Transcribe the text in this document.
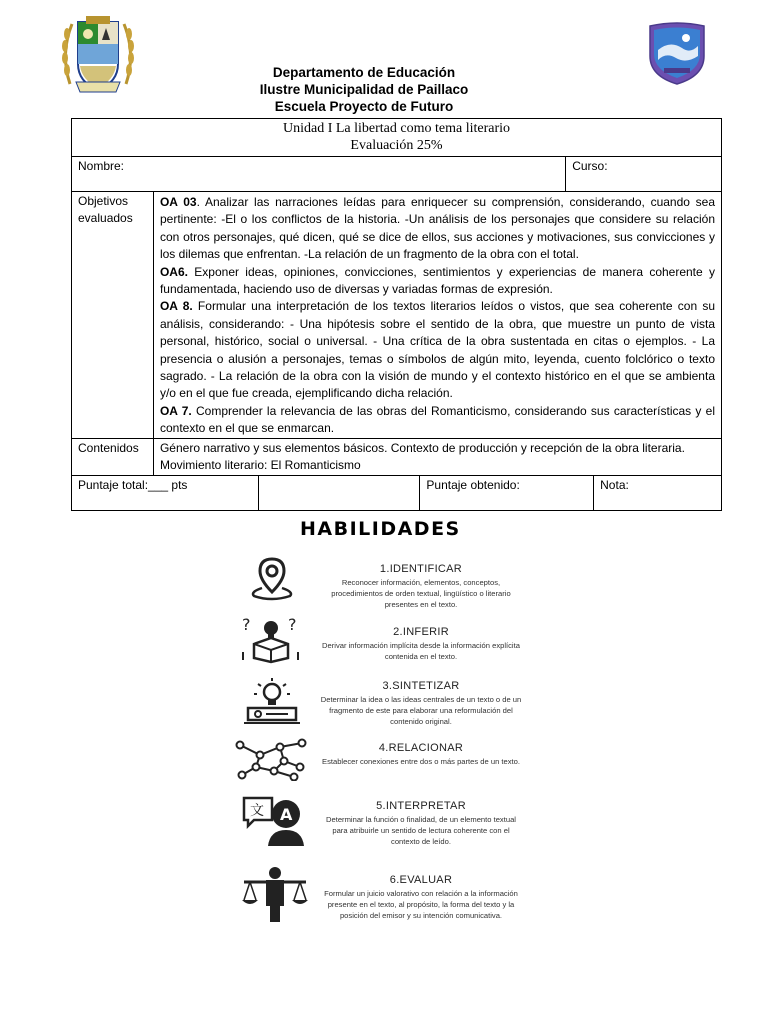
Departamento de Educación
Ilustre Municipalidad de Paillaco
Escuela Proyecto de Futuro
Unidad I La libertad como tema literario
Evaluación 25%					

Nombre:				Curso:	
Objetivos evaluados	OA 03. Analizar las narraciones leídas para enriquecer su comprensión, considerando, cuando sea pertinente: -El o los conflictos de la historia. -Un análisis de los personajes que considere su relación con otros personajes, qué dicen, qué se dice de ellos, sus acciones y motivaciones, sus convicciones y los dilemas que enfrentan. -La relación de un fragmento de la obra con el total.

OA6. Exponer ideas, opiniones, convicciones, sentimientos y experiencias de manera coherente y fundamentada, haciendo uso de diversas y variadas formas de expresión.

OA 8. Formular una interpretación de los textos literarios leídos o vistos, que sea coherente con su análisis, considerando: - Una hipótesis sobre el sentido de la obra, que muestre un punto de vista personal, histórico, social o universal. - Una crítica de la obra sustentada en citas o ejemplos. - La presencia o alusión a personajes, temas o símbolos de algún mito, leyenda, cuento folclórico o texto sagrado. - La relación de la obra con la visión de mundo y el contexto histórico en el que se ambienta y/o en el que fue creada, ejemplificando dicha relación.

OA 7. Comprender la relevancia de las obras del Romanticismo, considerando sus características y el contexto en el que se enmarcan.				

Contenidos	Género narrativo y sus elementos básicos. Contexto de producción y recepción de la obra literaria. Movimiento literario: El Romanticismo				
Puntaje total:___ pts			Puntaje obtenido:		Nota:
HABILIDADES
1.IDENTIFICAR
Reconocer información, elementos, conceptos, procedimientos de orden textual, lingüístico o literario presentes en el texto.
? ?	2.INFERIR
Derivar información implícita desde la información explícita contenida en el texto.
3.SINTETIZAR
Determinar la idea o las ideas centrales de un texto o de un fragmento de este para elaborar una reformulación del contenido original.
4.RELACIONAR
Establecer conexiones entre dos o más partes de un texto.
文 A	5.INTERPRETAR
Determinar la función o finalidad, de un elemento textual para atribuirle un sentido de lectura coherente con el contexto de leído.
6.EVALUAR
Formular un juicio valorativo con relación a la información presente en el texto, al propósito, la forma del texto y la posición del emisor y su intención comunicativa.
